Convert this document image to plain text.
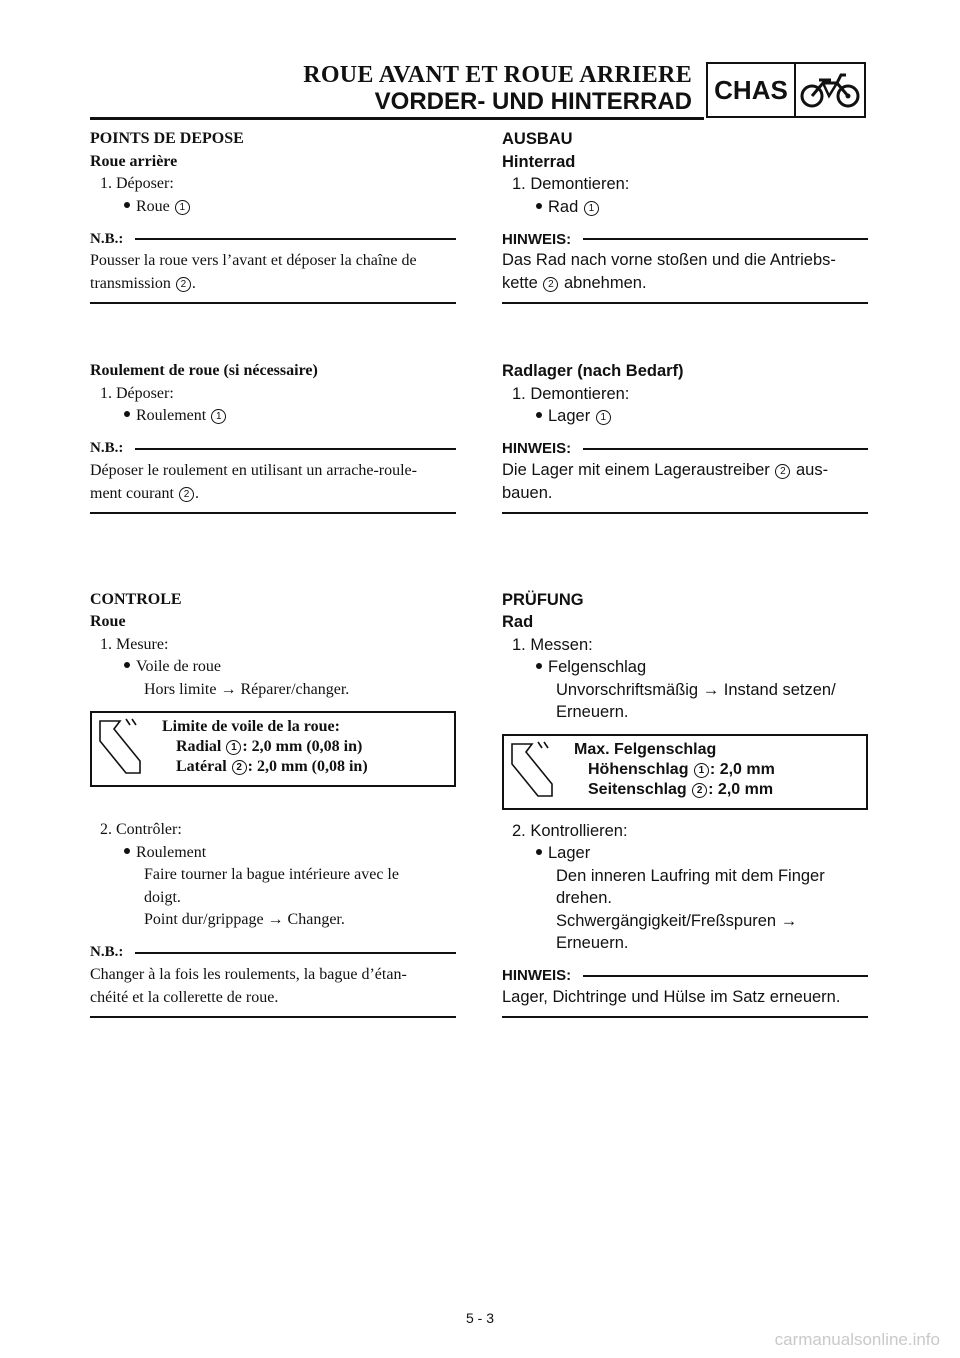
ROUE AVANT ET ROUE ARRIERE
VORDER- UND HINTERRAD CHAS
POINTS DE DEPOSE
Roue arrière
1. Déposer:
Roue 1
N.B.:
Pousser la roue vers l’avant et déposer la chaîne de
transmission 2 .
Roulement de roue (si nécessaire)
1. Déposer:
Roulement 1
N.B.:
Déposer le roulement en utilisant un arrache-roule-
ment courant 2 .
CONTROLE
Roue
1. Mesure:
Voile de roue
Hors limite → Réparer/changer.
Limite de voile de la roue:
Radial 1 : 2,0 mm (0,08 in)
Latéral 2 : 2,0 mm (0,08 in)
2. Contrôler:
Roulement
Faire tourner la bague intérieure avec le
doigt.
Point dur/grippage → Changer.
N.B.:
Changer à la fois les roulements, la bague d’étan-
chéité et la collerette de roue.
AUSBAU
Hinterrad
1. Demontieren:
Rad 1
HINWEIS:
Das Rad nach vorne stoßen und die Antriebs-
kette 2 abnehmen.
Radlager (nach Bedarf)
1. Demontieren:
Lager 1
HINWEIS:
Die Lager mit einem Lageraustreiber 2 aus-
bauen.
PRÜFUNG
Rad
1. Messen:
Felgenschlag
Unvorschriftsmäßig → Instand setzen/
Erneuern.
Max. Felgenschlag
Höhenschlag 1 : 2,0 mm
Seitenschlag 2 : 2,0 mm
2. Kontrollieren:
Lager
Den inneren Laufring mit dem Finger
drehen.
Schwergängigkeit/Freßspuren →
Erneuern.
HINWEIS:
Lager, Dichtringe und Hülse im Satz erneuern.
5 - 3
carmanualsonline.info
